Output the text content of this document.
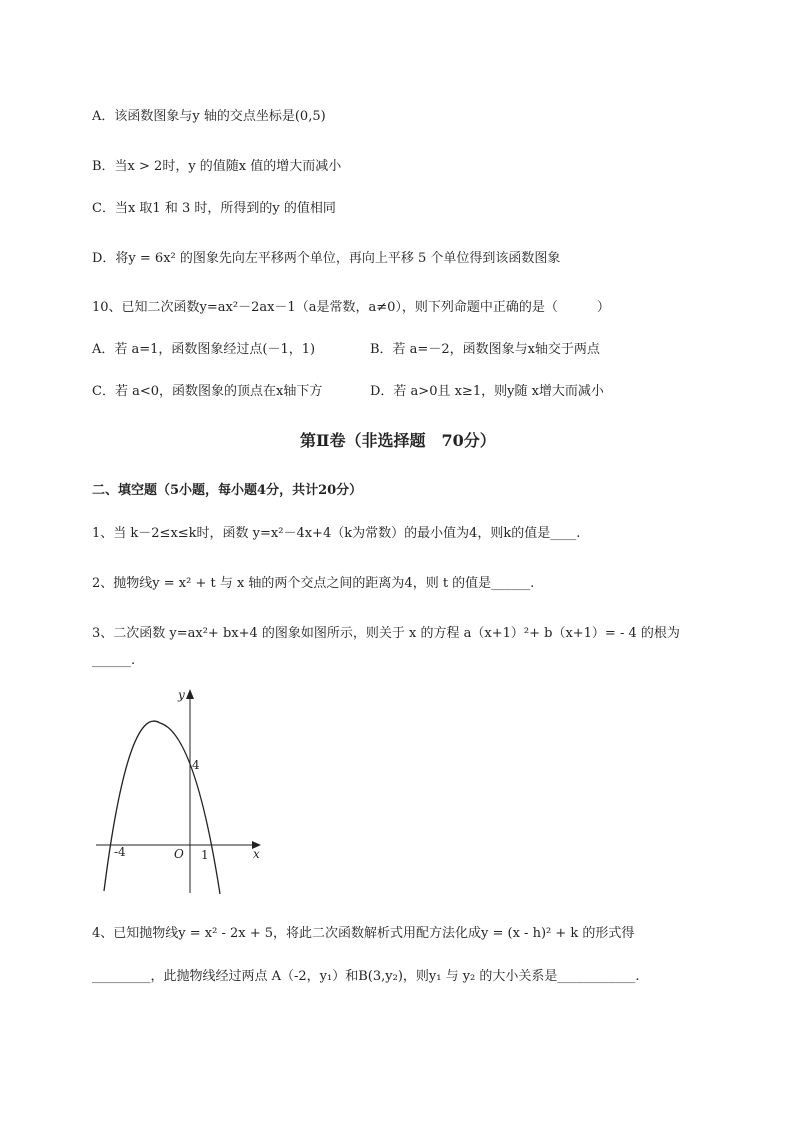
A．该函数图象与y 轴的交点坐标是(0,5)
B．当x > 2时，y 的值随x 值的增大而减小
C．当x 取1 和 3 时，所得到的y 的值相同
D．将y = 6x² 的图象先向左平移两个单位，再向上平移 5 个单位得到该函数图象
10、已知二次函数y=ax²－2ax－1（a是常数，a≠0），则下列命题中正确的是（　　　）
A．若 a=1，函数图象经过点(－1，1)	B．若 a=－2，函数图象与x轴交于两点
C．若 a<0，函数图象的顶点在x轴下方	D．若 a>0且 x≥1，则y随 x增大而减小
第Ⅱ卷（非选择题　70分）
二、填空题（5小题，每小题4分，共计20分）
1、当 k－2≤x≤k时，函数 y=x²－4x+4（k为常数）的最小值为4，则k的值是____.
2、抛物线y = x² + t 与 x 轴的两个交点之间的距离为4，则 t 的值是______.
3、二次函数 y=ax²+ bx+4 的图象如图所示，则关于 x 的方程 a（x+1）²+ b（x+1）= - 4 的根为
______.
y
x
O
4
-4	1
4、已知抛物线y = x² - 2x + 5，将此二次函数解析式用配方法化成y = (x - h)² + k 的形式得
_________，此抛物线经过两点 A（-2，y₁）和B(3,y₂)，则y₁ 与 y₂ 的大小关系是____________.
